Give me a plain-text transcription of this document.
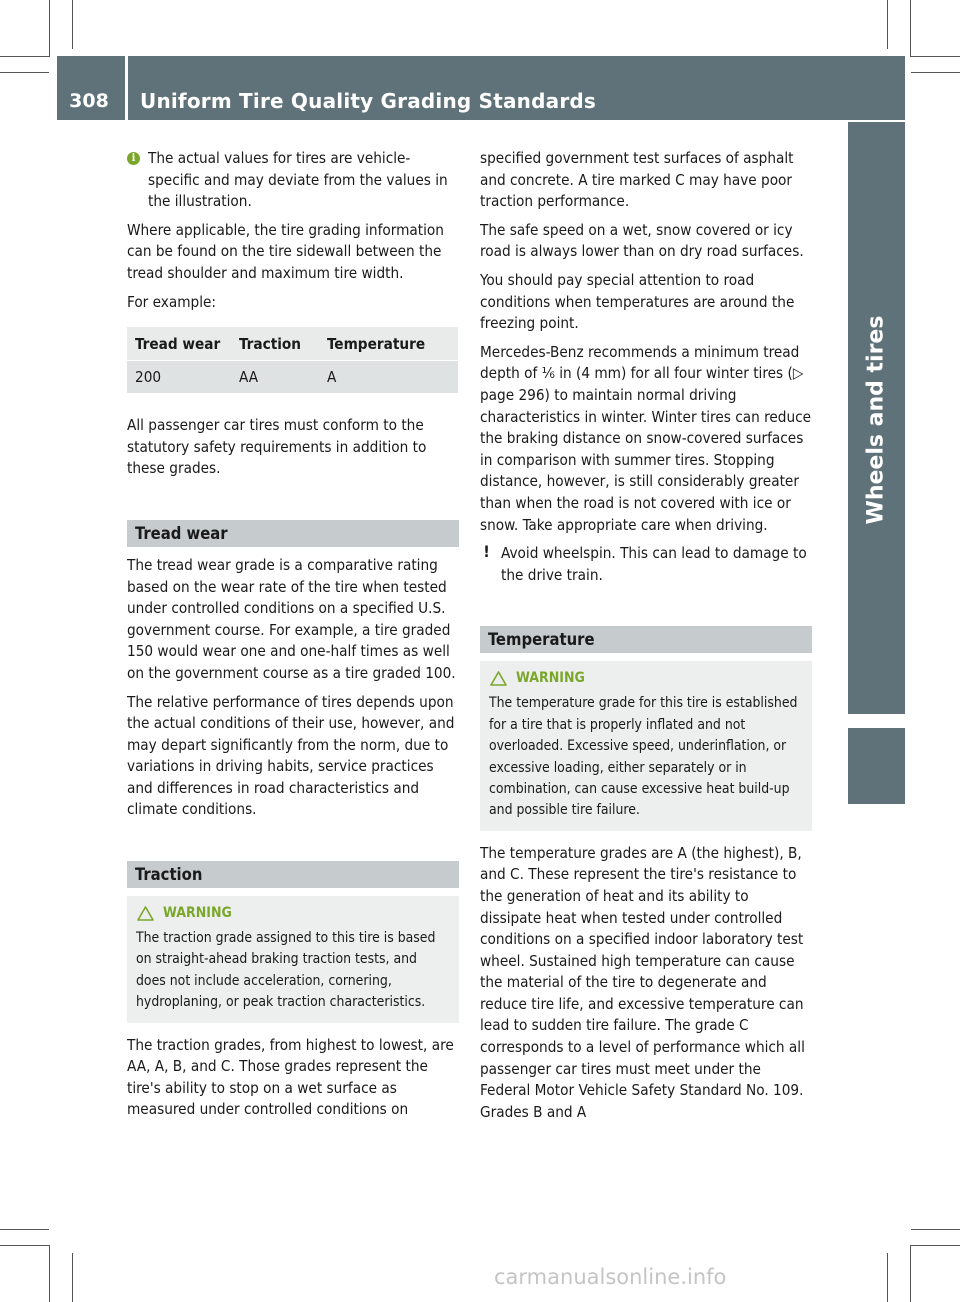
308	Uniform Tire Quality Grading Standards
Wheels and tires
i The actual values for tires are vehicle-specific and may deviate from the values in the illustration.

Where applicable, the tire grading information can be found on the tire sidewall between the tread shoulder and maximum tire width.

For example:

Tread wear	Traction	Temperature
200	AA	A

All passenger car tires must conform to the statutory safety requirements in addition to these grades.

Tread wear

The tread wear grade is a comparative rating based on the wear rate of the tire when tested under controlled conditions on a specified U.S. government course. For example, a tire graded 150 would wear one and one-half times as well on the government course as a tire graded 100.

The relative performance of tires depends upon the actual conditions of their use, however, and may depart significantly from the norm, due to variations in driving habits, service practices and differences in road characteristics and climate conditions.

Traction
WARNING
The traction grade assigned to this tire is based on straight-ahead braking traction tests, and does not include acceleration, cornering, hydroplaning, or peak traction characteristics.

The traction grades, from highest to lowest, are AA, A, B, and C. Those grades represent the tire's ability to stop on a wet surface as measured under controlled conditions on

specified government test surfaces of asphalt and concrete. A tire marked C may have poor traction performance.

The safe speed on a wet, snow covered or icy road is always lower than on dry road surfaces.

You should pay special attention to road conditions when temperatures are around the freezing point.

Mercedes-Benz recommends a minimum tread depth of ⅙ in (4 mm) for all four winter tires (▷ page 296) to maintain normal driving characteristics in winter. Winter tires can reduce the braking distance on snow-covered surfaces in comparison with summer tires. Stopping distance, however, is still considerably greater than when the road is not covered with ice or snow. Take appropriate care when driving.

! Avoid wheelspin. This can lead to damage to the drive train.
Temperature
WARNING
The temperature grade for this tire is established for a tire that is properly inflated and not overloaded. Excessive speed, underinflation, or excessive loading, either separately or in combination, can cause excessive heat build-up and possible tire failure.

The temperature grades are A (the highest), B, and C. These represent the tire's resistance to the generation of heat and its ability to dissipate heat when tested under controlled conditions on a specified indoor laboratory test wheel. Sustained high temperature can cause the material of the tire to degenerate and reduce tire life, and excessive temperature can lead to sudden tire failure. The grade C corresponds to a level of performance which all passenger car tires must meet under the Federal Motor Vehicle Safety Standard No. 109. Grades B and A

carmanualsonline.info
